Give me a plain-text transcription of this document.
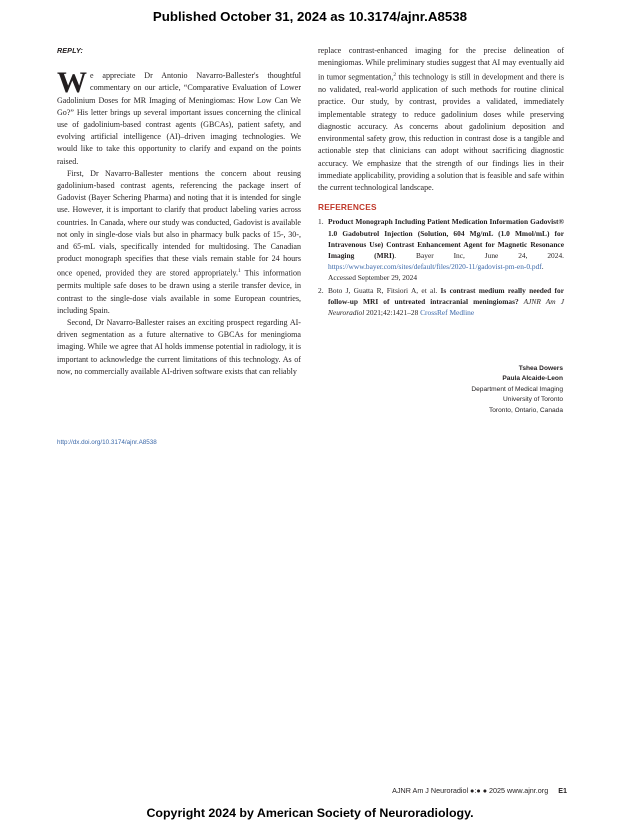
Published October 31, 2024 as 10.3174/ajnr.A8538
REPLY:

We appreciate Dr Antonio Navarro-Ballester's thoughtful commentary on our article, “Comparative Evaluation of Lower Gadolinium Doses for MR Imaging of Meningiomas: How Low Can We Go?” His letter brings up several important issues concerning the clinical use of gadolinium-based contrast agents (GBCAs), patient safety, and evolving artificial intelligence (AI)–driven imaging technologies. We would like to take this opportunity to clarify and expand on the points raised.

First, Dr Navarro-Ballester mentions the concern about reusing gadolinium-based contrast agents, referencing the package insert of Gadovist (Bayer Schering Pharma) and noting that it is intended for single use. However, it is important to clarify that product labeling varies across countries. In Canada, where our study was conducted, Gadovist is available not only in single-dose vials but also in pharmacy bulk packs of 15-, 30-, and 65-mL vials, specifically intended for multidosing. The Canadian product monograph specifies that these vials remain stable for 24 hours once opened, provided they are stored appropriately.$^1$ This information permits multiple safe doses to be drawn using a sterile transfer device, in contrast to the single-dose vials available in some European countries, including Spain.

Second, Dr Navarro-Ballester raises an exciting prospect regarding AI-driven segmentation as a future alternative to GBCAs for meningioma imaging. While we agree that AI holds immense potential in radiology, it is important to acknowledge the current limitations of this technology. As of now, no commercially available AI-driven software exists that can reliably

replace contrast-enhanced imaging for the precise delineation of meningiomas. While preliminary studies suggest that AI may eventually aid in tumor segmentation,$^2$ this technology is still in development and there is no validated, real-world application of such methods for routine clinical practice. Our study, by contrast, provides a validated, immediately implementable strategy to reduce gadolinium doses while preserving diagnostic accuracy. As concerns about gadolinium deposition and environmental safety grow, this reduction in contrast dose is a tangible and actionable step that clinicians can adopt without sacrificing diagnostic accuracy. We emphasize that the strength of our findings lies in their immediate applicability, providing a solution that is feasible and safe within the current technological landscape.

REFERENCES
1. Product Monograph Including Patient Medication Information Gadovist® 1.0 Gadobutrol Injection (Solution, 604 Mg/mL (1.0 Mmol/mL) for Intravenous Use) Contrast Enhancement Agent for Magnetic Resonance Imaging (MRI). Bayer Inc, June 24, 2024. https://www.bayer.com/sites/default/files/2020-11/gadovist-pm-en-0.pdf. Accessed September 29, 2024
2. Boto J, Guatta R, Fitsiori A, et al. Is contrast medium really needed for follow-up MRI of untreated intracranial meningiomas? AJNR Am J Neuroradiol 2021;42:1421–28 CrossRef Medline
Tshea Dowers
Paula Alcaide-Leon
Department of Medical Imaging
University of Toronto
Toronto, Ontario, Canada
http://dx.doi.org/10.3174/ajnr.A8538
AJNR Am J Neuroradiol ●:● ● 2025 www.ajnr.org E1
Copyright 2024 by American Society of Neuroradiology.
